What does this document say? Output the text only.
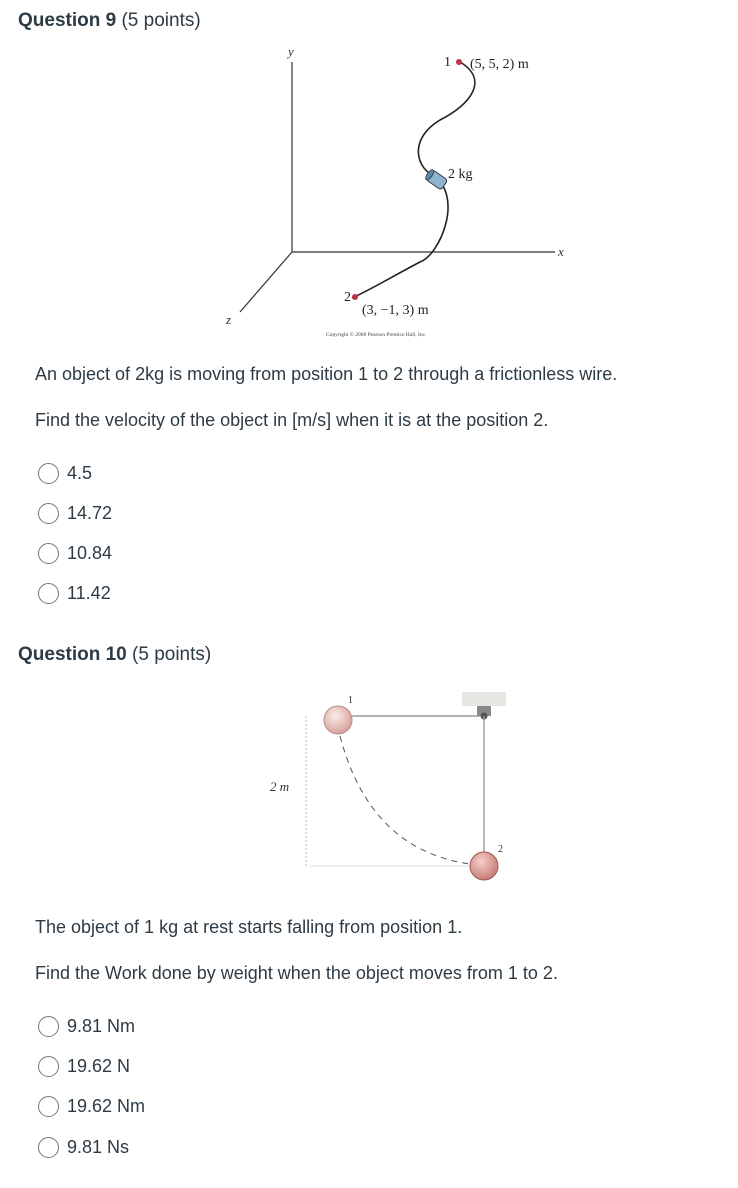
Question 9 (5 points)
y
x
z
1 (5, 5, 2) m
2 kg
2
(3, −1, 3) m
Copyright © 2008 Pearson Prentice Hall, Inc.
An object of 2kg is moving from position 1 to 2 through a frictionless wire.
Find the velocity of the object in [m/s] when it is at the position 2.
4.5
14.72
10.84
11.42
Question 10 (5 points)
2 m
1
2
The object of 1 kg at rest starts falling from position 1.
Find the Work done by weight when the object moves from 1 to 2.
9.81 Nm
19.62 N
19.62 Nm
9.81 Ns
